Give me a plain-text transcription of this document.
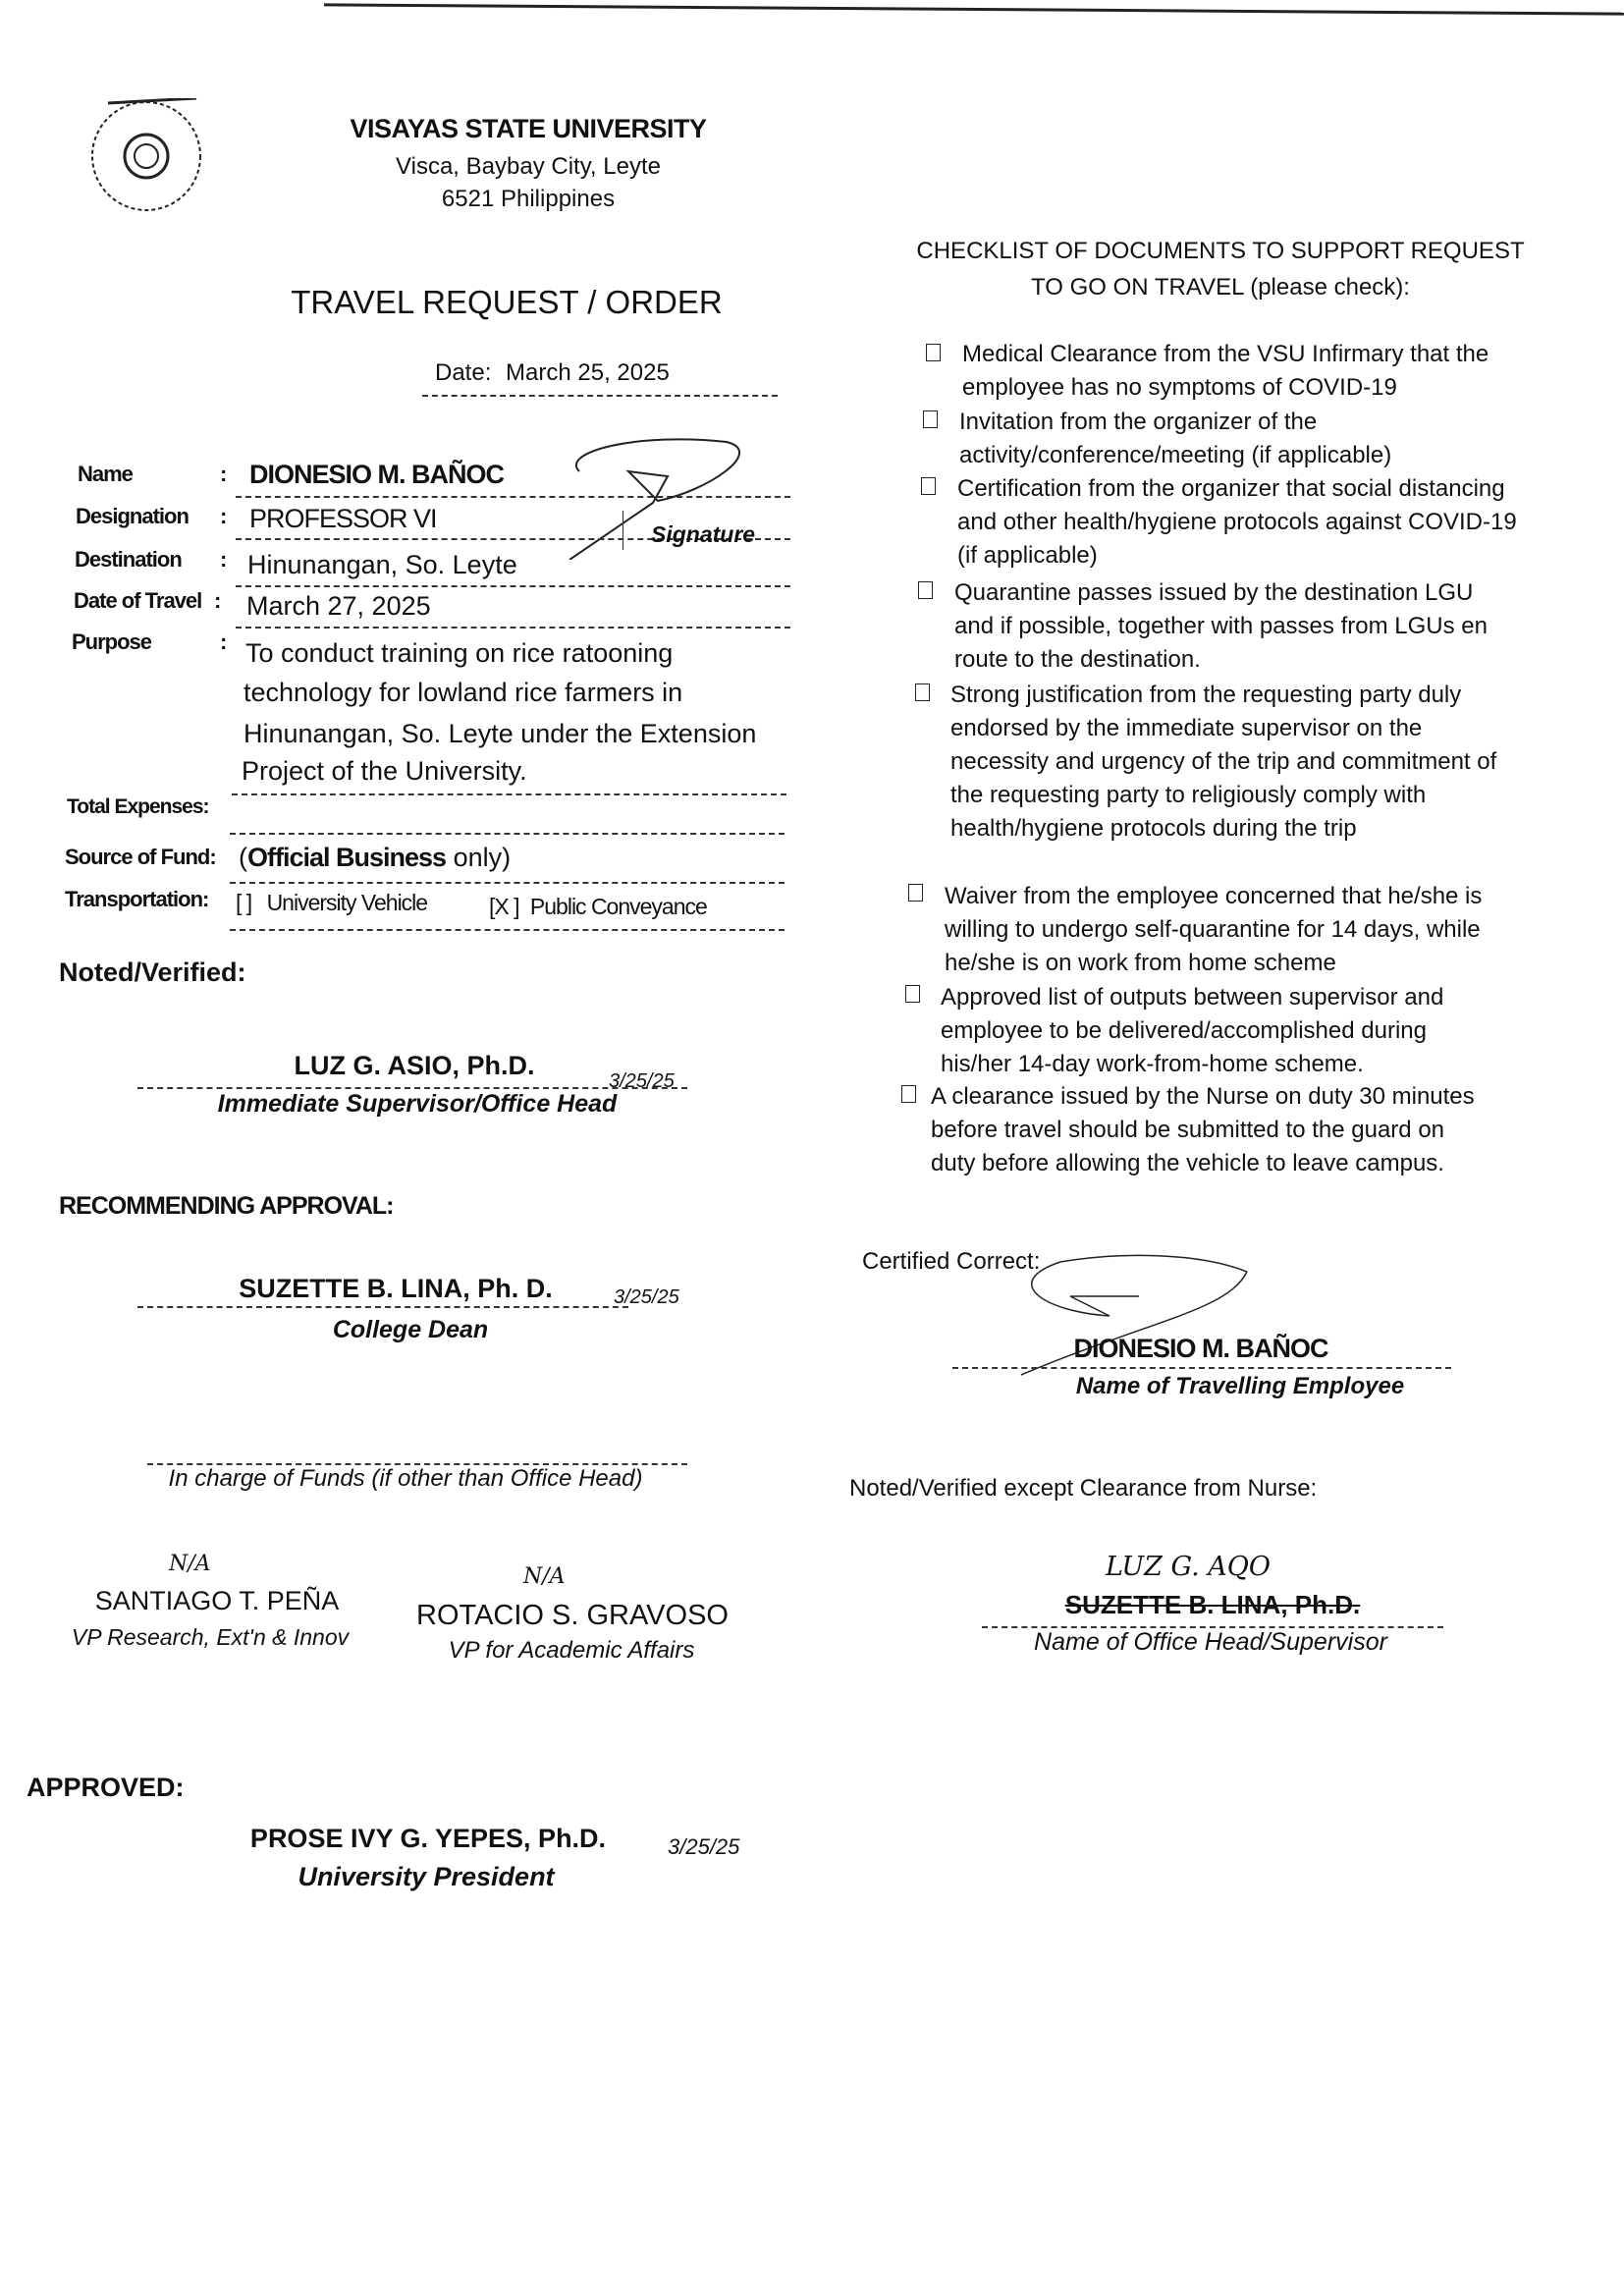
VISAYAS STATE UNIVERSITY
Visca, Baybay City, Leyte
6521 Philippines
TRAVEL REQUEST / ORDER
Date: March 25, 2025
Name	: DIONESIO M. BAÑOC
Designation : PROFESSOR VI
Signature
Destination : Hinunangan, So. Leyte
Date of Travel : March 27, 2025
Purpose	: To conduct training on rice ratooning
technology for lowland rice farmers in
Hinunangan, So. Leyte under the Extension
Project of the University.
Total Expenses:
Source of Fund: (Official Business only)
Transportation: [ ] University Vehicle	[X ] Public Conveyance
Noted/Verified:
LUZ G. ASIO, Ph.D.
3/25/25
Immediate Supervisor/Office Head
RECOMMENDING APPROVAL:
SUZETTE B. LINA, Ph. D.	3/25/25
College Dean
In charge of Funds (if other than Office Head)
N/A
SANTIAGO T. PEÑA
VP Research, Ext'n & Innov
N/A
ROTACIO S. GRAVOSO
VP for Academic Affairs
APPROVED:
PROSE IVY G. YEPES, Ph.D.	3/25/25
University President
CHECKLIST OF DOCUMENTS TO SUPPORT REQUEST
TO GO ON TRAVEL (please check):
Medical Clearance from the VSU Infirmary that the employee has no symptoms of COVID-19
Invitation from the organizer of the activity/conference/meeting (if applicable)
Certification from the organizer that social distancing and other health/hygiene protocols against COVID-19 (if applicable)
Quarantine passes issued by the destination LGU and if possible, together with passes from LGUs en route to the destination.
Strong justification from the requesting party duly endorsed by the immediate supervisor on the necessity and urgency of the trip and commitment of the requesting party to religiously comply with health/hygiene protocols during the trip
Waiver from the employee concerned that he/she is willing to undergo self-quarantine for 14 days, while he/she is on work from home scheme
Approved list of outputs between supervisor and employee to be delivered/accomplished during his/her 14-day work-from-home scheme.
A clearance issued by the Nurse on duty 30 minutes before travel should be submitted to the guard on duty before allowing the vehicle to leave campus.
Certified Correct:
DIONESIO M. BAÑOC
Name of Travelling Employee
Noted/Verified except Clearance from Nurse:
LUZ G. AQO
SUZETTE B. LINA, Ph.D.
Name of Office Head/Supervisor
